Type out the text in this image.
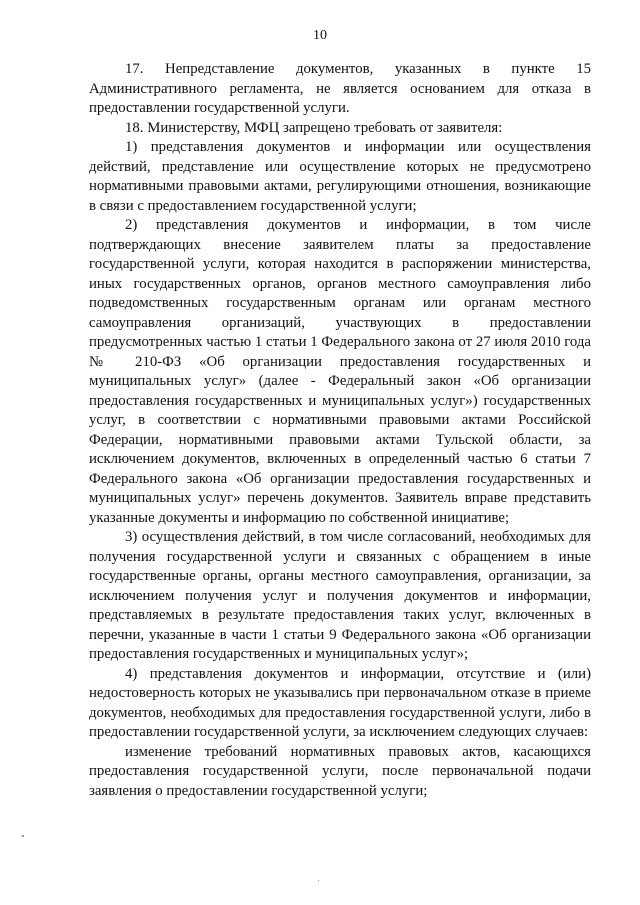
10

17. Непредставление документов, указанных в пункте 15 Административного регламента, не является основанием для отказа в предоставлении государственной услуги.

18. Министерству, МФЦ запрещено требовать от заявителя:

1) представления документов и информации или осуществления действий, представление или осуществление которых не предусмотрено нормативными правовыми актами, регулирующими отношения, возникающие в связи с предоставлением государственной услуги;

2) представления документов и информации, в том числе подтверждающих внесение заявителем платы за предоставление государственной услуги, которая находится в распоряжении министерства, иных государственных органов, органов местного самоуправления либо подведомственных государственным органам или органам местного самоуправления организаций, участвующих в предоставлении предусмотренных частью 1 статьи 1 Федерального закона от 27 июля 2010 года № 210-ФЗ «Об организации предоставления государственных и муниципальных услуг» (далее - Федеральный закон «Об организации предоставления государственных и муниципальных услуг») государственных услуг, в соответствии с нормативными правовыми актами Российской Федерации, нормативными правовыми актами Тульской области, за исключением документов, включенных в определенный частью 6 статьи 7 Федерального закона «Об организации предоставления государственных и муниципальных услуг» перечень документов. Заявитель вправе представить указанные документы и информацию по собственной инициативе;

3) осуществления действий, в том числе согласований, необходимых для получения государственной услуги и связанных с обращением в иные государственные органы, органы местного самоуправления, организации, за исключением получения услуг и получения документов и информации, представляемых в результате предоставления таких услуг, включенных в перечни, указанные в части 1 статьи 9 Федерального закона «Об организации предоставления государственных и муниципальных услуг»;

4) представления документов и информации, отсутствие и (или) недостоверность которых не указывались при первоначальном отказе в приеме документов, необходимых для предоставления государственной услуги, либо в предоставлении государственной услуги, за исключением следующих случаев:

изменение требований нормативных правовых актов, касающихся предоставления государственной услуги, после первоначальной подачи заявления о предоставлении государственной услуги;
